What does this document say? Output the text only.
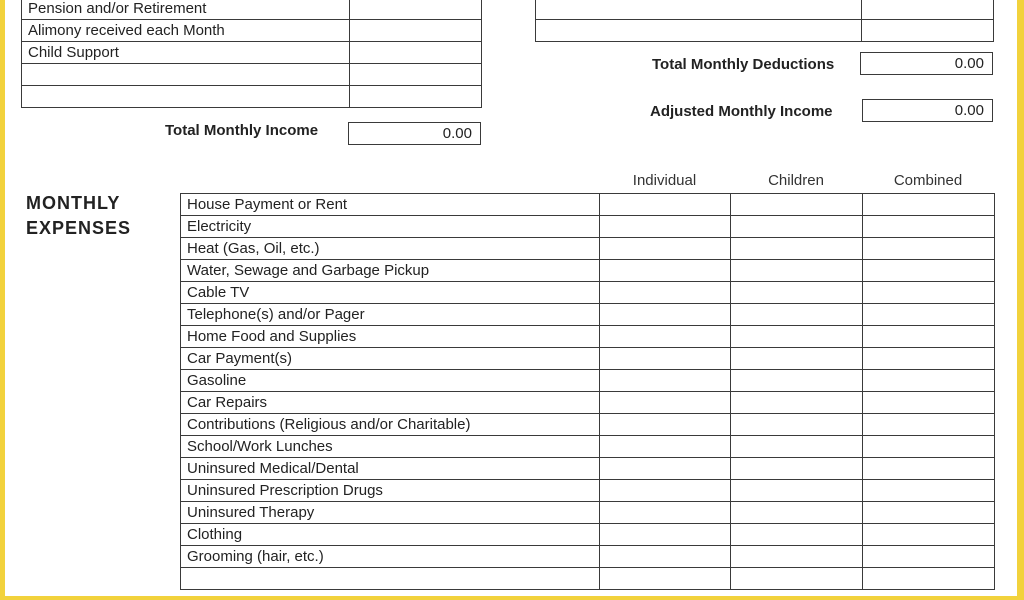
Pension and/or Retirement	
Alimony received each Month	
Child Support	

Total Monthly Income	0.00

Total Monthly Deductions	0.00
Adjusted Monthly Income	0.00
MONTHLY
EXPENSES
Individual	Children	Combined
House Payment or Rent			
Electricity			
Heat (Gas, Oil, etc.)			
Water, Sewage and Garbage Pickup			
Cable TV			
Telephone(s) and/or Pager			
Home Food and Supplies			
Car Payment(s)			
Gasoline			
Car Repairs			
Contributions (Religious and/or Charitable)			
School/Work Lunches			
Uninsured Medical/Dental			
Uninsured Prescription Drugs			
Uninsured Therapy			
Clothing			
Grooming (hair, etc.)			
